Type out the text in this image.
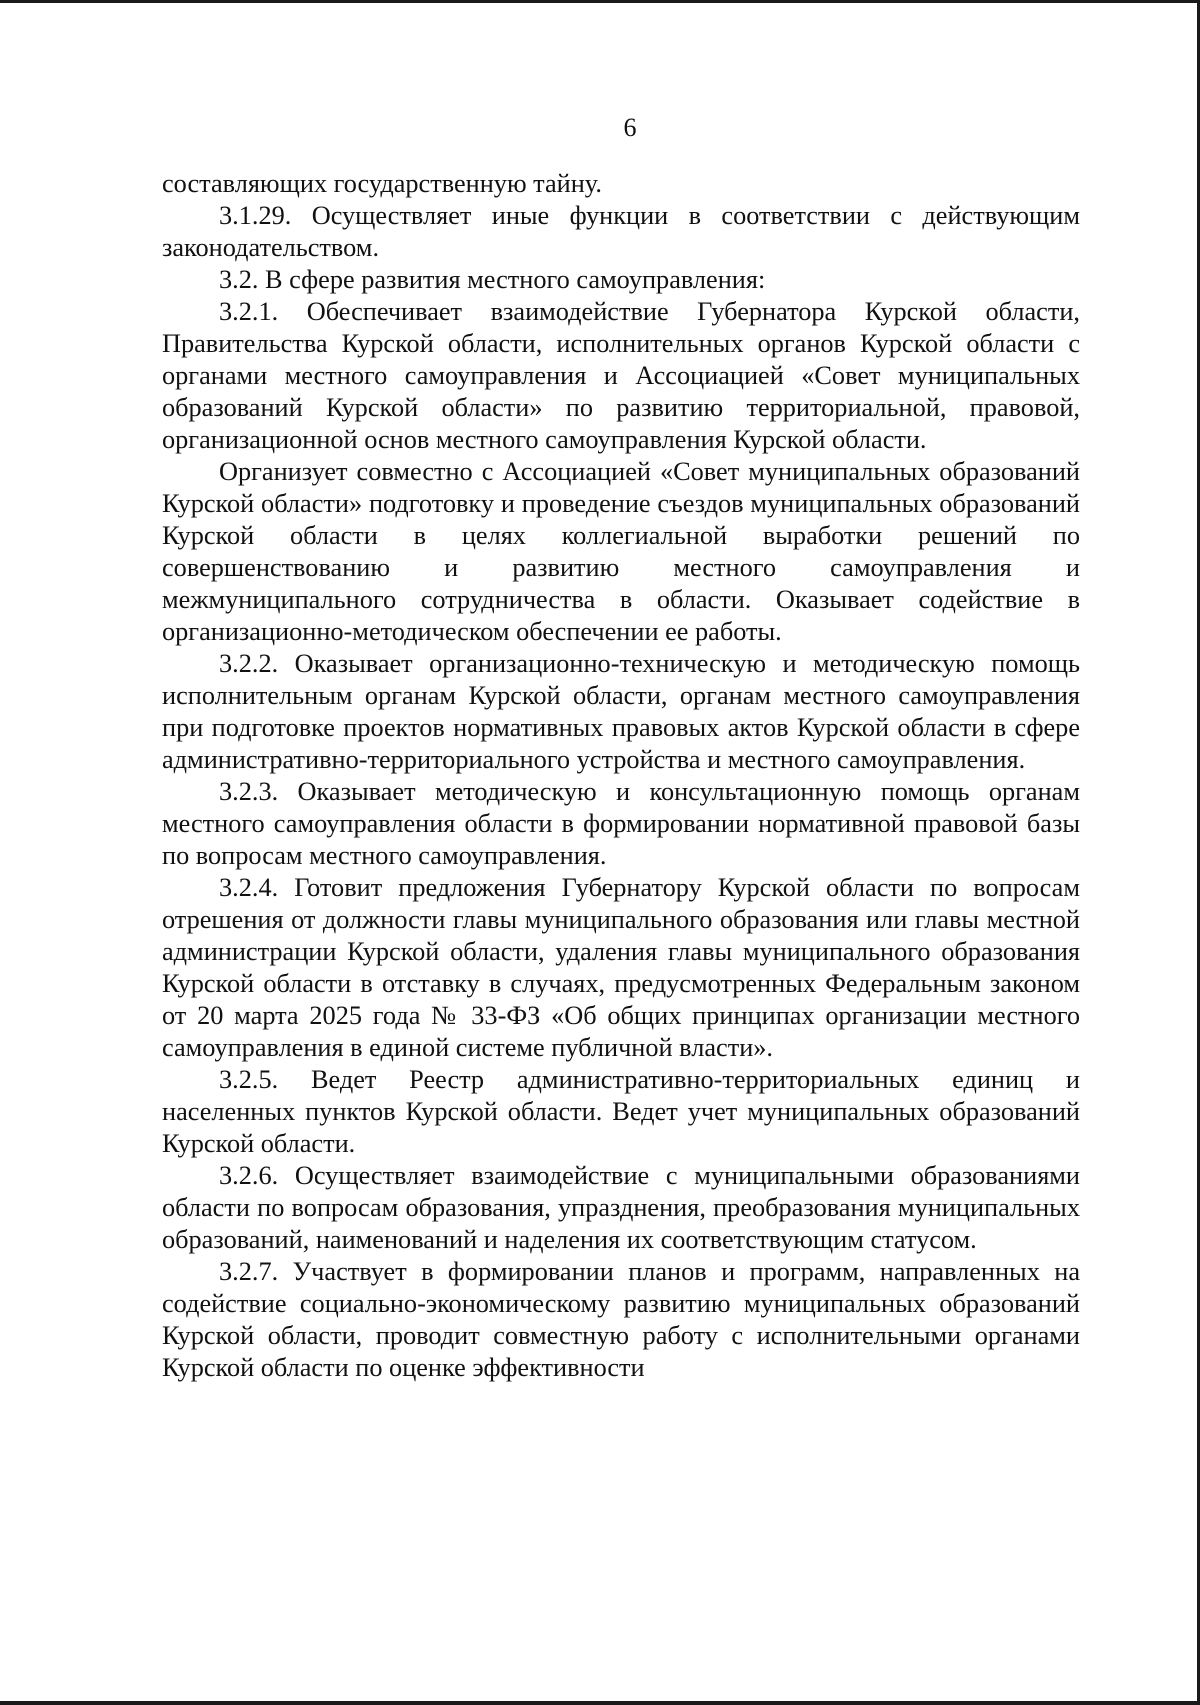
6

составляющих государственную тайну.

3.1.29. Осуществляет иные функции в соответствии с действующим законодательством.

3.2. В сфере развития местного самоуправления:

3.2.1. Обеспечивает взаимодействие Губернатора Курской области, Правительства Курской области, исполнительных органов Курской области с органами местного самоуправления и Ассоциацией «Совет муниципальных образований Курской области» по развитию территориальной, правовой, организационной основ местного самоуправления Курской области.

Организует совместно с Ассоциацией «Совет муниципальных образований Курской области» подготовку и проведение съездов муниципальных образований Курской области в целях коллегиальной выработки решений по совершенствованию и развитию местного самоуправления и межмуниципального сотрудничества в области. Оказывает содействие в организационно-методическом обеспечении ее работы.

3.2.2. Оказывает организационно-техническую и методическую помощь исполнительным органам Курской области, органам местного самоуправления при подготовке проектов нормативных правовых актов Курской области в сфере административно-территориального устройства и местного самоуправления.

3.2.3. Оказывает методическую и консультационную помощь органам местного самоуправления области в формировании нормативной правовой базы по вопросам местного самоуправления.

3.2.4. Готовит предложения Губернатору Курской области по вопросам отрешения от должности главы муниципального образования или главы местной администрации Курской области, удаления главы муниципального образования Курской области в отставку в случаях, предусмотренных Федеральным законом от 20 марта 2025 года № 33-ФЗ «Об общих принципах организации местного самоуправления в единой системе публичной власти».

3.2.5. Ведет Реестр административно-территориальных единиц и населенных пунктов Курской области. Ведет учет муниципальных образований Курской области.

3.2.6. Осуществляет взаимодействие с муниципальными образованиями области по вопросам образования, упразднения, преобразования муниципальных образований, наименований и наделения их соответствующим статусом.

3.2.7. Участвует в формировании планов и программ, направленных на содействие социально-экономическому развитию муниципальных образований Курской области, проводит совместную работу с исполнительными органами Курской области по оценке эффективности
